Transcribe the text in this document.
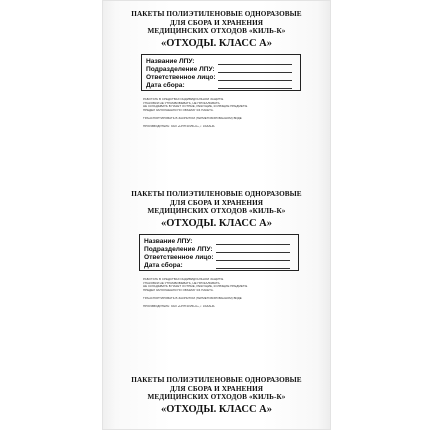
ПАКЕТЫ ПОЛИЭТИЛЕНОВЫЕ ОДНОРАЗОВЫЕ
ДЛЯ СБОРА И ХРАНЕНИЯ
МЕДИЦИНСКИХ ОТХОДОВ «КИЛЬ-К»
«ОТХОДЫ. КЛАСС А»
Название ЛПУ:
Подразделение ЛПУ:
Ответственное лицо:
Дата сбора:
РАБОТАТЬ В СРЕДСТВАХ ИНДИВИДУАЛЬНОЙ ЗАЩИТЫ.
УПАКОВКИ НЕ УТРАМБОВЫВАТЬ, НЕ ПРОКАЛЫВАТЬ.
НЕ СКЛАДЫВАТЬ В ПАКЕТ ОСТРЫЕ, РЕЖУЩИЕ, КОЛЮЩИЕ ПРЕДМЕТЫ.
ПРЕДЕЛ ЗАПОЛНЕНИЯ ПО ОБЪЕМУ 3/4 ПАКЕТА.
ТРАНСПОРТИРОВАТЬ В ЗАКРЫТОМ (ГЕРМЕТИЗИРОВАННОМ) ВИДЕ
ПРОИЗВОДИТЕЛЬ: ЗАО «НПП КИЛЬ-К», г. КАЗАНЬ
ПАКЕТЫ ПОЛИЭТИЛЕНОВЫЕ ОДНОРАЗОВЫЕ
ДЛЯ СБОРА И ХРАНЕНИЯ
МЕДИЦИНСКИХ ОТХОДОВ «КИЛЬ-К»
«ОТХОДЫ. КЛАСС А»
Название ЛПУ:
Подразделение ЛПУ:
Ответственное лицо:
Дата сбора:
РАБОТАТЬ В СРЕДСТВАХ ИНДИВИДУАЛЬНОЙ ЗАЩИТЫ.
УПАКОВКИ НЕ УТРАМБОВЫВАТЬ, НЕ ПРОКАЛЫВАТЬ.
НЕ СКЛАДЫВАТЬ В ПАКЕТ ОСТРЫЕ, РЕЖУЩИЕ, КОЛЮЩИЕ ПРЕДМЕТЫ.
ПРЕДЕЛ ЗАПОЛНЕНИЯ ПО ОБЪЕМУ 3/4 ПАКЕТА.
ТРАНСПОРТИРОВАТЬ В ЗАКРЫТОМ (ГЕРМЕТИЗИРОВАННОМ) ВИДЕ
ПРОИЗВОДИТЕЛЬ: ЗАО «НПП КИЛЬ-К», г. КАЗАНЬ
ПАКЕТЫ ПОЛИЭТИЛЕНОВЫЕ ОДНОРАЗОВЫЕ
ДЛЯ СБОРА И ХРАНЕНИЯ
МЕДИЦИНСКИХ ОТХОДОВ «КИЛЬ-К»
«ОТХОДЫ. КЛАСС А»
